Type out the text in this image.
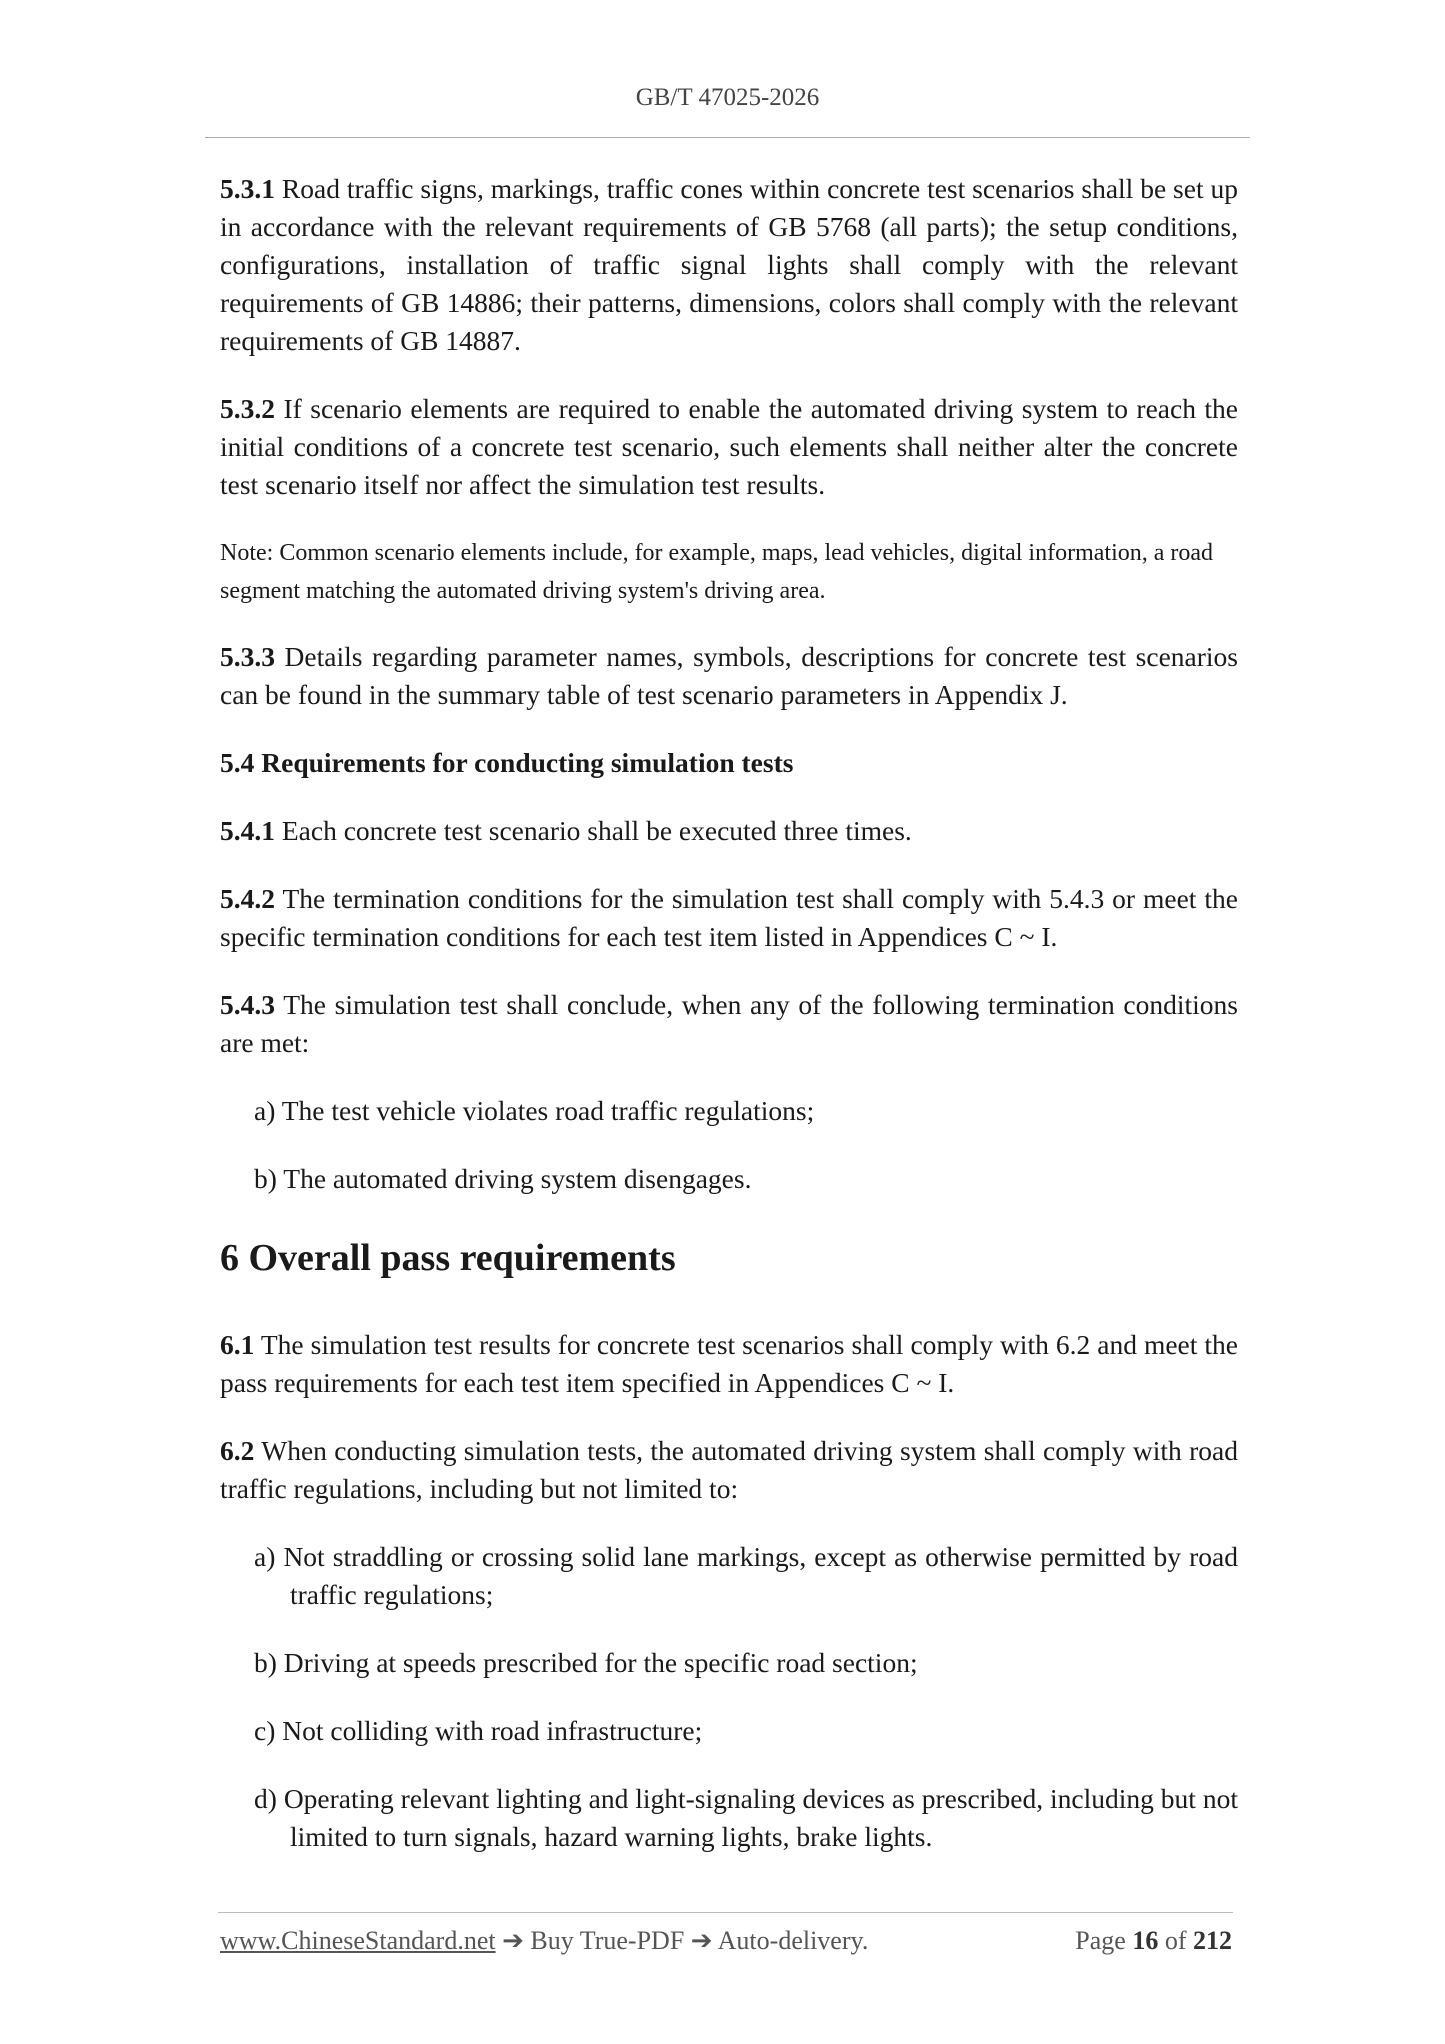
GB/T 47025-2026

5.3.1 Road traffic signs, markings, traffic cones within concrete test scenarios shall be set up in accordance with the relevant requirements of GB 5768 (all parts); the setup conditions, configurations, installation of traffic signal lights shall comply with the relevant requirements of GB 14886; their patterns, dimensions, colors shall comply with the relevant requirements of GB 14887.

5.3.2 If scenario elements are required to enable the automated driving system to reach the initial conditions of a concrete test scenario, such elements shall neither alter the concrete test scenario itself nor affect the simulation test results.

Note: Common scenario elements include, for example, maps, lead vehicles, digital information, a road segment matching the automated driving system's driving area.

5.3.3 Details regarding parameter names, symbols, descriptions for concrete test scenarios can be found in the summary table of test scenario parameters in Appendix J.

5.4 Requirements for conducting simulation tests

5.4.1 Each concrete test scenario shall be executed three times.

5.4.2 The termination conditions for the simulation test shall comply with 5.4.3 or meet the specific termination conditions for each test item listed in Appendices C ~ I.

5.4.3 The simulation test shall conclude, when any of the following termination conditions are met:

a) The test vehicle violates road traffic regulations;

b) The automated driving system disengages.

6 Overall pass requirements

6.1 The simulation test results for concrete test scenarios shall comply with 6.2 and meet the pass requirements for each test item specified in Appendices C ~ I.

6.2 When conducting simulation tests, the automated driving system shall comply with road traffic regulations, including but not limited to:

a) Not straddling or crossing solid lane markings, except as otherwise permitted by road traffic regulations;

b) Driving at speeds prescribed for the specific road section;

c) Not colliding with road infrastructure;

d) Operating relevant lighting and light-signaling devices as prescribed, including but not limited to turn signals, hazard warning lights, brake lights.

www.ChineseStandard.net ➔ Buy True-PDF ➔ Auto-delivery.	Page 16 of 212
